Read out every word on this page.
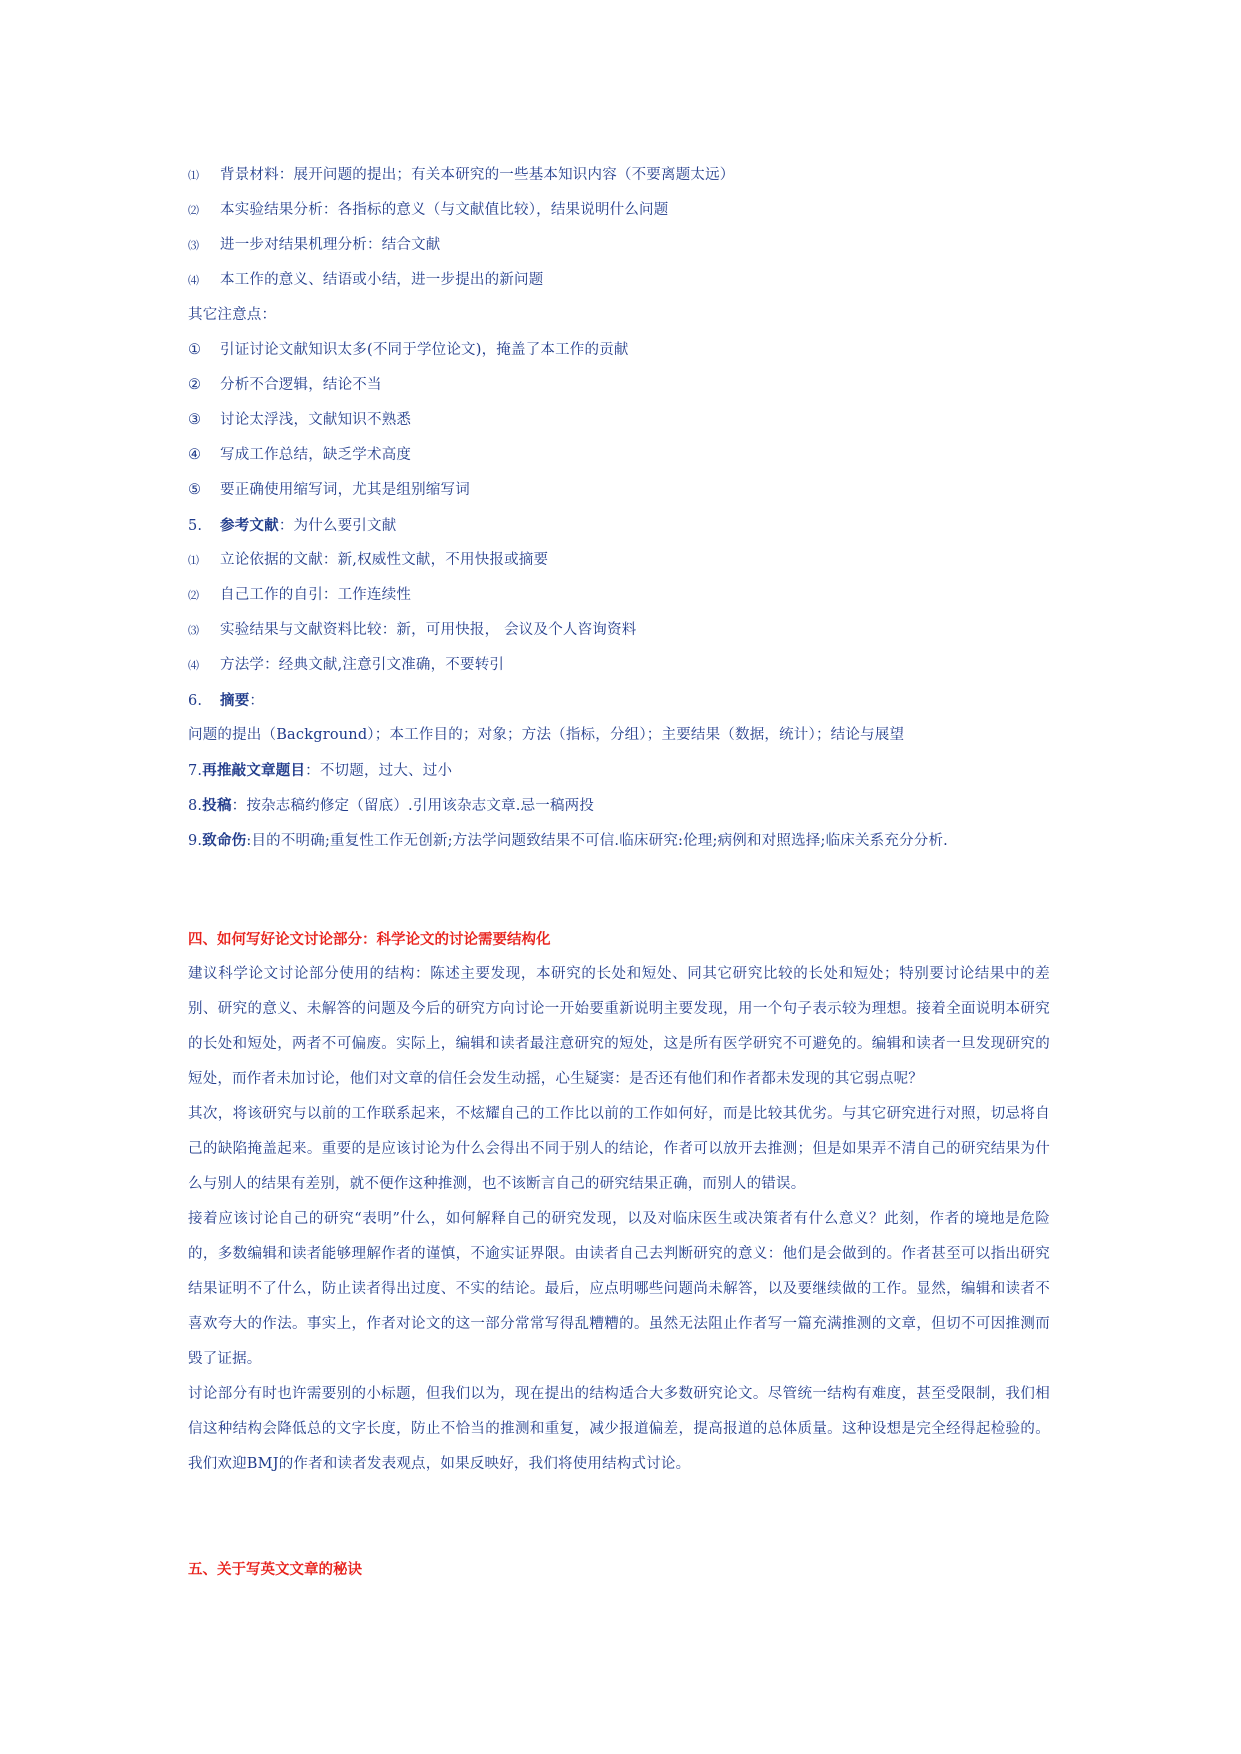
⑴ 背景材料：展开问题的提出；有关本研究的一些基本知识内容（不要离题太远）
⑵ 本实验结果分析：各指标的意义（与文献值比较），结果说明什么问题
⑶ 进一步对结果机理分析：结合文献
⑷ 本工作的意义、结语或小结，进一步提出的新问题
其它注意点：
① 引证讨论文献知识太多(不同于学位论文)，掩盖了本工作的贡献
② 分析不合逻辑，结论不当
③ 讨论太浮浅，文献知识不熟悉
④ 写成工作总结，缺乏学术高度
⑤ 要正确使用缩写词，尤其是组别缩写词
5. 参考文献：为什么要引文献
⑴ 立论依据的文献：新,权威性文献，不用快报或摘要
⑵ 自己工作的自引：工作连续性
⑶ 实验结果与文献资料比较：新，可用快报， 会议及个人咨询资料
⑷ 方法学：经典文献,注意引文准确，不要转引
6. 摘要：
问题的提出（Background）；本工作目的；对象；方法（指标，分组）；主要结果（数据，统计）；结论与展望
7.再推敲文章题目：不切题，过大、过小
8.投稿：按杂志稿约修定（留底）.引用该杂志文章.忌一稿两投
9.致命伤:目的不明确;重复性工作无创新;方法学问题致结果不可信.临床研究:伦理;病例和对照选择;临床关系充分分析.
四、如何写好论文讨论部分：科学论文的讨论需要结构化
建议科学论文讨论部分使用的结构：陈述主要发现，本研究的长处和短处、同其它研究比较的长处和短处；特别要讨论结果中的差别、研究的意义、未解答的问题及今后的研究方向讨论一开始要重新说明主要发现，用一个句子表示较为理想。接着全面说明本研究的长处和短处，两者不可偏废。实际上，编辑和读者最注意研究的短处，这是所有医学研究不可避免的。编辑和读者一旦发现研究的短处，而作者未加讨论，他们对文章的信任会发生动摇，心生疑窦：是否还有他们和作者都未发现的其它弱点呢？
其次，将该研究与以前的工作联系起来，不炫耀自己的工作比以前的工作如何好，而是比较其优劣。与其它研究进行对照，切忌将自己的缺陷掩盖起来。重要的是应该讨论为什么会得出不同于别人的结论，作者可以放开去推测；但是如果弄不清自己的研究结果为什么与别人的结果有差别，就不便作这种推测，也不该断言自己的研究结果正确，而别人的错误。
接着应该讨论自己的研究“表明”什么，如何解释自己的研究发现，以及对临床医生或决策者有什么意义？此刻，作者的境地是危险的，多数编辑和读者能够理解作者的谨慎，不逾实证界限。由读者自己去判断研究的意义：他们是会做到的。作者甚至可以指出研究结果证明不了什么，防止读者得出过度、不实的结论。最后，应点明哪些问题尚未解答，以及要继续做的工作。显然，编辑和读者不喜欢夸大的作法。事实上，作者对论文的这一部分常常写得乱糟糟的。虽然无法阻止作者写一篇充满推测的文章，但切不可因推测而毁了证据。
讨论部分有时也许需要别的小标题，但我们以为，现在提出的结构适合大多数研究论文。尽管统一结构有难度，甚至受限制，我们相信这种结构会降低总的文字长度，防止不恰当的推测和重复，减少报道偏差，提高报道的总体质量。这种设想是完全经得起检验的。我们欢迎BMJ的作者和读者发表观点，如果反映好，我们将使用结构式讨论。
五、关于写英文文章的秘诀
